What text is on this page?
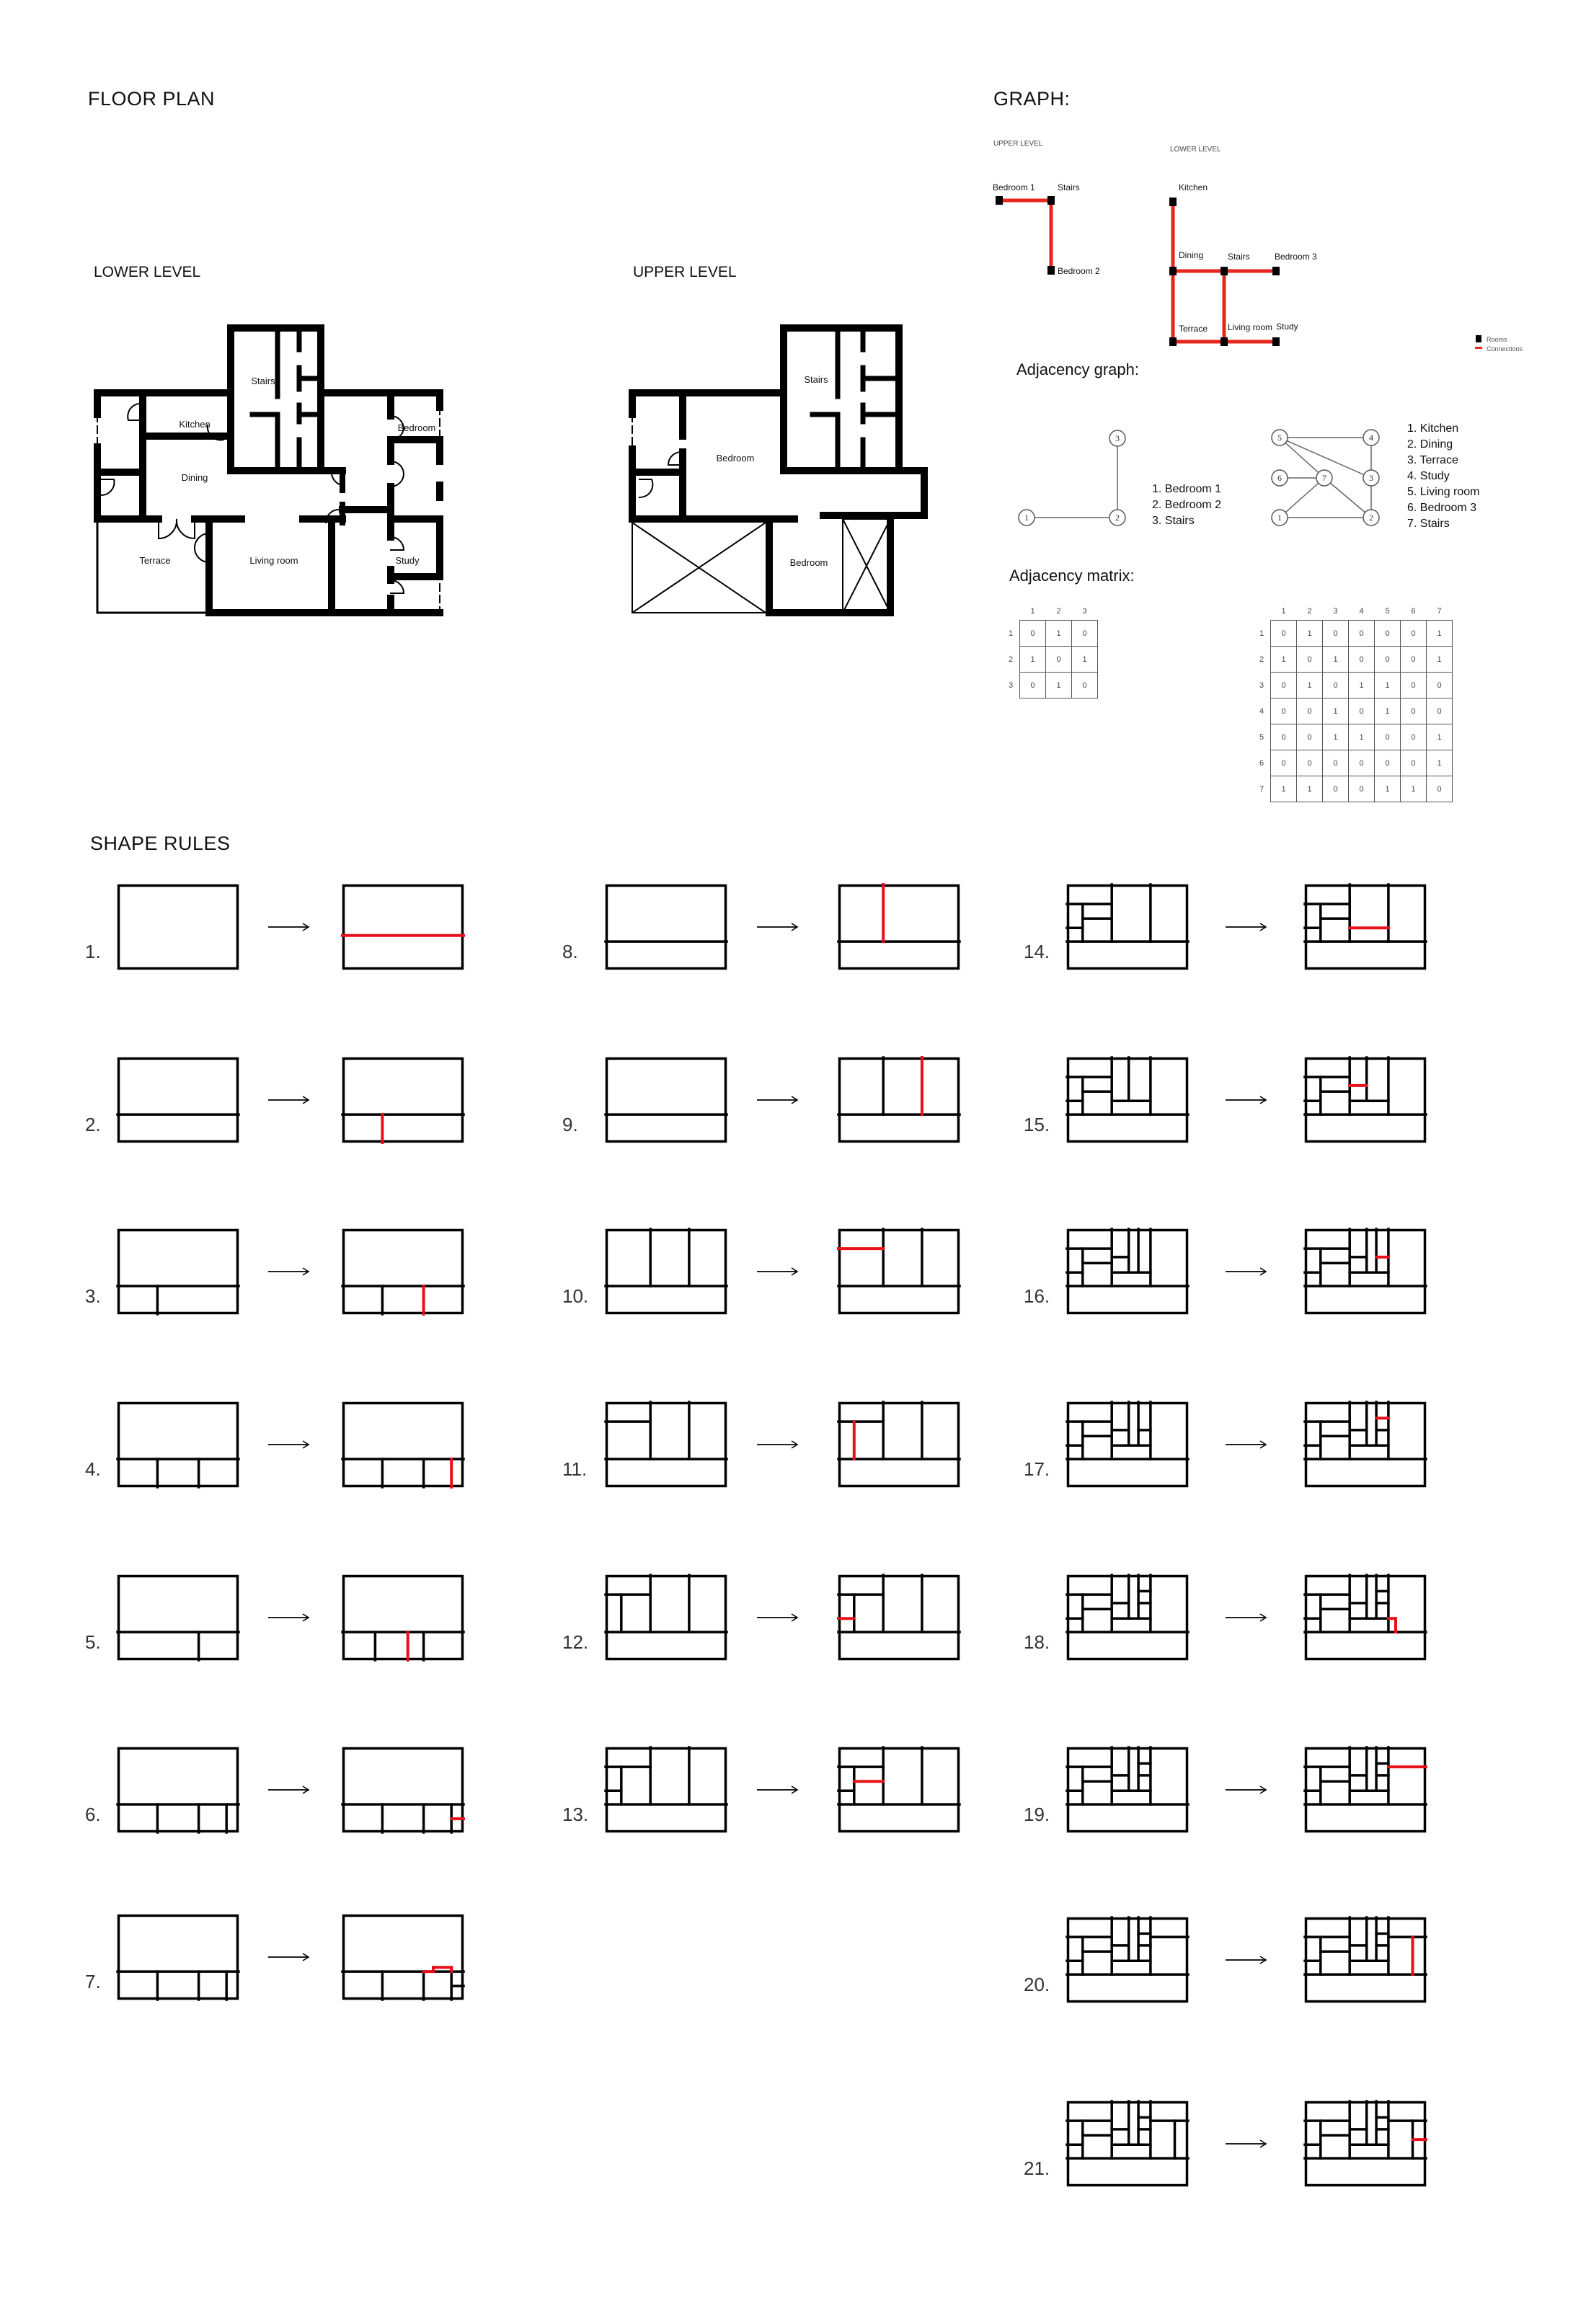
FLOOR PLAN	GRAPH:
LOWER LEVEL	UPPER LEVEL
SHAPE RULES
Stairs
Kitchen	Bedroom
Dining
Terrace	Living room	Study
Stairs
Bedroom
Bedroom
UPPER LEVEL
Bedroom 1	Stairs
Bedroom 2
LOWER LEVEL
Kitchen
Dining	Stairs	Bedroom 3
Terrace Living room Study
Rooms
Connections
Adjacency graph:
1	2
3
1. Bedroom 1
2. Bedroom 2
3. Stairs
5	4
6	7	3
1	2
1. Kitchen
2. Dining
3. Terrace
4. Study
5. Living room
6. Bedroom 3
7. Stairs
Adjacency matrix:
	1	2	3
1	0	1	0
2	1	0	1
3	0	1	0
	1	2	3	4	5	6	7
1	0	1	0	0	0	0	1
2	1	0	1	0	0	0	1
3	0	1	0	1	1	0	0
4	0	0	1	0	1	0	0
5	0	0	1	1	0	0	1
6	0	0	0	0	0	0	1
7	1	1	0	0	1	1	0
1.
2.
3.
4.
5.
6.
7.
8.
9.
10.
11.
12.
13.
14.
15.
16.
17.
18.
19.
20.
21.
